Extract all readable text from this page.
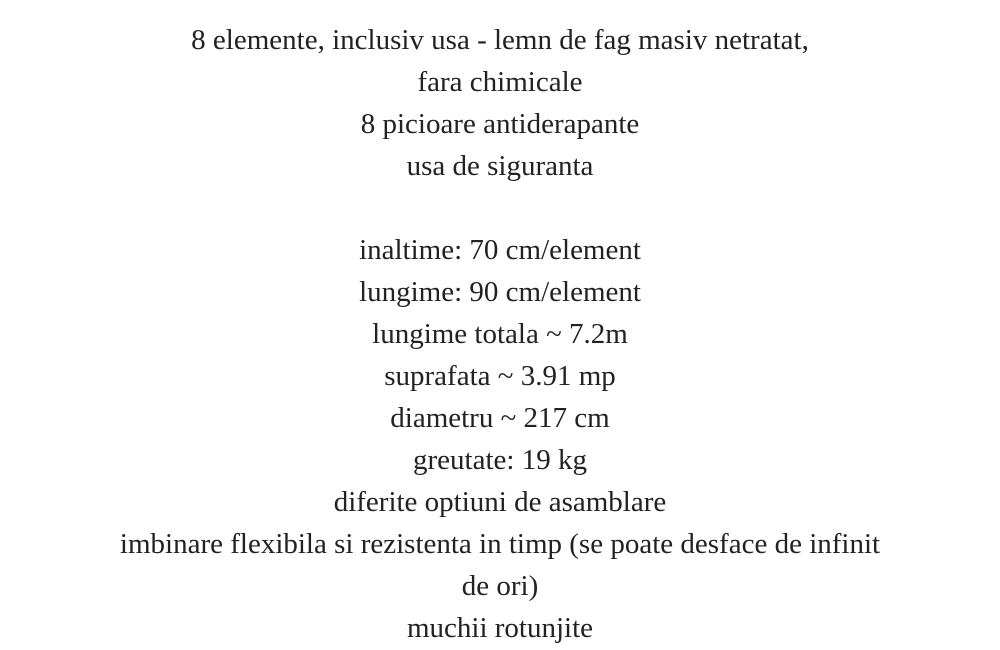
8 elemente, inclusiv usa - lemn de fag masiv netratat,
fara chimicale
8 picioare antiderapante
usa de siguranta
inaltime: 70 cm/element
lungime: 90 cm/element
lungime totala ~ 7.2m
suprafata ~ 3.91 mp
diametru ~ 217 cm
greutate: 19 kg
diferite optiuni de asamblare
imbinare flexibila si rezistenta in timp (se poate desface de infinit
de ori)
muchii rotunjite
